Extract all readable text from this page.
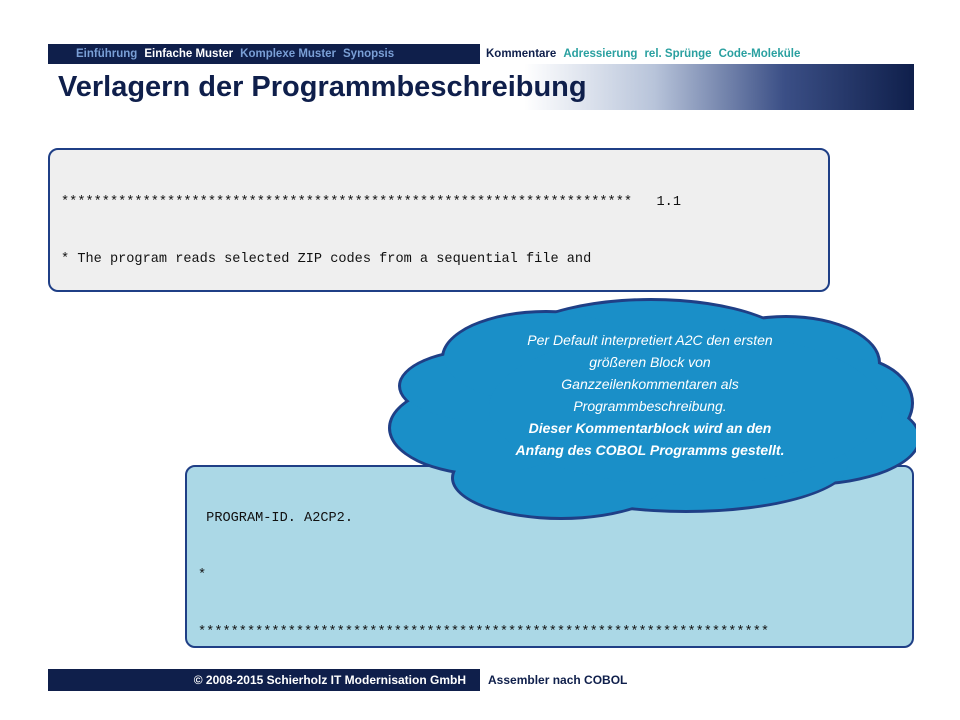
Einführung Einfache Muster Komplexe Muster Synopsis	Kommentare Adressierung rel. Sprünge Code-Moleküle
Verlagern der Programmbeschreibung

**********************************************************************   1.1

* The program reads selected ZIP codes from a sequential file and

PROGRAM-ID. A2CP2.

*

**********************************************************************

Per Default interpretiert A2C den ersten
größeren Block von
Ganzzeilenkommentaren als
Programmbeschreibung.
Dieser Kommentarblock wird an den
Anfang des COBOL Programms gestellt.
© 2008-2015 Schierholz IT Modernisation GmbH	Assembler nach COBOL
